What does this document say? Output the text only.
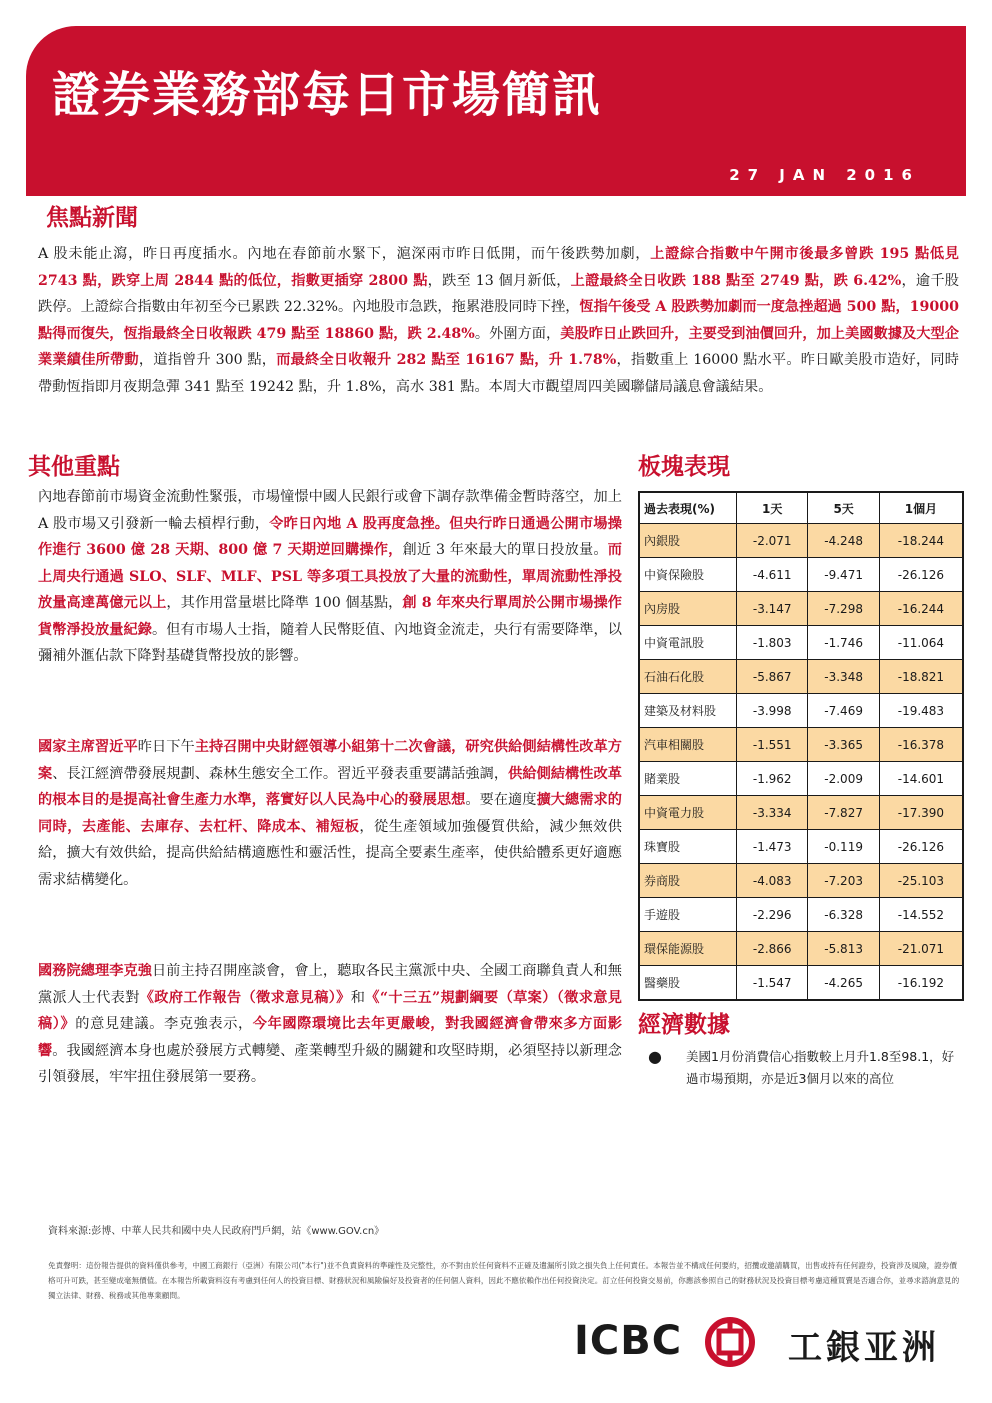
證券業務部每日市場簡訊
27 JAN 2016
焦點新聞

A 股未能止瀉，昨日再度插水。內地在春節前水緊下，滬深兩市昨日低開，而午後跌勢加劇，上證綜合指數中午開市後最多曾跌 195 點低見 2743 點，跌穿上周 2844 點的低位，指數更插穿 2800 點，跌至 13 個月新低，上證最終全日收跌 188 點至 2749 點，跌 6.42%，逾千股跌停。上證綜合指數由年初至今已累跌 22.32%。內地股市急跌，拖累港股同時下挫，恆指午後受 A 股跌勢加劇而一度急挫超過 500 點，19000 點得而復失，恆指最終全日收報跌 479 點至 18860 點，跌 2.48%。外圍方面，美股昨日止跌回升，主要受到油價回升，加上美國數據及大型企業業績佳所帶動，道指曾升 300 點，而最終全日收報升 282 點至 16167 點，升 1.78%，指數重上 16000 點水平。昨日歐美股市造好，同時帶動恆指即月夜期急彈 341 點至 19242 點，升 1.8%，高水 381 點。本周大市觀望周四美國聯儲局議息會議結果。

其他重點

內地春節前市場資金流動性緊張，市場憧憬中國人民銀行或會下調存款準備金暫時落空，加上 A 股市場又引發新一輪去槓桿行動，令昨日內地 A 股再度急挫。但央行昨日通過公開市場操作進行 3600 億 28 天期、800 億 7 天期逆回購操作，創近 3 年來最大的單日投放量。而上周央行通過 SLO、SLF、MLF、PSL 等多項工具投放了大量的流動性，單周流動性淨投放量高達萬億元以上，其作用當量堪比降準 100 個基點，創 8 年來央行單周於公開市場操作貨幣淨投放量紀錄。但有市場人士指，隨着人民幣貶值、內地資金流走，央行有需要降準，以彌補外滙佔款下降對基礎貨幣投放的影響。

國家主席習近平昨日下午主持召開中央財經領導小組第十二次會議，研究供給側結構性改革方案、長江經濟帶發展規劃、森林生態安全工作。習近平發表重要講話強調，供給側結構性改革的根本目的是提高社會生產力水準，落實好以人民為中心的發展思想。要在適度擴大總需求的同時，去產能、去庫存、去杠杆、降成本、補短板，從生產領域加強優質供給，減少無效供給，擴大有效供給，提高供給結構適應性和靈活性，提高全要素生產率，使供給體系更好適應需求結構變化。

國務院總理李克強日前主持召開座談會，會上，聽取各民主黨派中央、全國工商聯負責人和無黨派人士代表對《政府工作報告（徵求意見稿）》和《“十三五”規劃綱要（草案）（徵求意見稿）》的意見建議。李克強表示，今年國際環境比去年更嚴峻，對我國經濟會帶來多方面影響。我國經濟本身也處於發展方式轉變、產業轉型升級的關鍵和攻堅時期，必須堅持以新理念引領發展，牢牢扭住發展第一要務。

板塊表現
過去表現(%)	1天	5天	1個月
內銀股	-2.071	-4.248	-18.244
中資保險股	-4.611	-9.471	-26.126
內房股	-3.147	-7.298	-16.244
中資電訊股	-1.803	-1.746	-11.064
石油石化股	-5.867	-3.348	-18.821
建築及材料股	-3.998	-7.469	-19.483
汽車相關股	-1.551	-3.365	-16.378
賭業股	-1.962	-2.009	-14.601
中資電力股	-3.334	-7.827	-17.390
珠寶股	-1.473	-0.119	-26.126
券商股	-4.083	-7.203	-25.103
手遊股	-2.296	-6.328	-14.552
環保能源股	-2.866	-5.813	-21.071
醫藥股	-1.547	-4.265	-16.192
經濟數據
● 美國1月份消費信心指數較上月升1.8至98.1，好過市場預期，亦是近3個月以來的高位

資料來源:彭博、中華人民共和國中央人民政府門戶網，站《www.GOV.cn》

免責聲明：這份報告提供的資料僅供參考，中國工商銀行（亞洲）有限公司("本行")並不負責資料的準確性及完整性，亦不對由於任何資料不正確及遺漏所引致之損失負上任何責任。本報告並不構成任何要約，招攬或邀請購買，出售或持有任何證券，投資涉及風險，證券價格可升可跌，甚至變成毫無價值。在本報告所載資料沒有考慮到任何人的投資目標、財務狀況和風險偏好及投資者的任何個人資料，因此不應依賴作出任何投資決定。訂立任何投資交易前，你應該參照自己的財務狀況及投資目標考慮這種買賣是否適合你，並尋求諮詢意見的獨立法律、財務、稅務或其他專業顧問。

ICBC	工銀亚洲
